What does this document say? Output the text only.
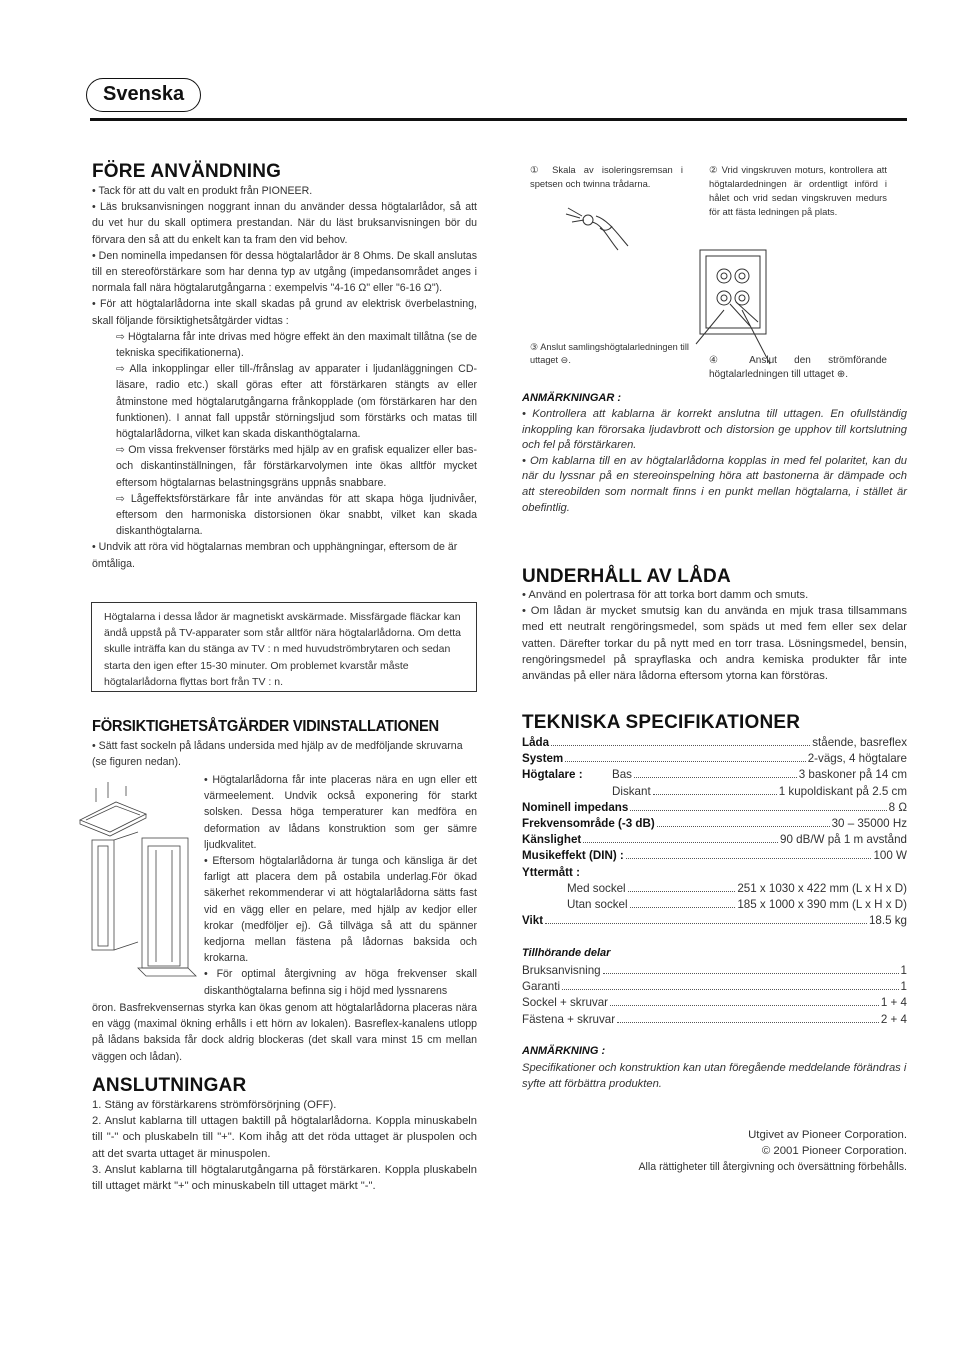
Svenska
FÖRE ANVÄNDNING

• Tack för att du valt en produkt från PIONEER.

• Läs bruksanvisningen noggrant innan du använder dessa högtalarlådor, så att du vet hur du skall optimera prestandan. När du läst bruksanvisningen bör du förvara den så att du enkelt kan ta fram den vid behov.

• Den nominella impedansen för dessa högtalarlådor är 8 Ohms. De skall anslutas till en stereoförstärkare som har denna typ av utgång (impedansområdet anges i normala fall nära högtalarutgångarna : exempelvis "4-16 Ω" eller "6-16 Ω").

• För att högtalarlådorna inte skall skadas på grund av elektrisk överbelastning, skall följande försiktighetsåtgärder vidtas :

⇨ Högtalarna får inte drivas med högre effekt än den maximalt tillåtna (se de tekniska specifikationerna).

⇨ Alla inkopplingar eller till-/frånslag av apparater i ljudanläggningen CD-läsare, radio etc.) skall göras efter att förstärkaren stängts av eller åtminstone med högtalarutgångarna frånkopplade (om förstärkaren har den funktionen). I annat fall uppstår störningsljud som förstärks och matas till högtalarlådorna, vilket kan skada diskanthögtalarna.

⇨ Om vissa frekvenser förstärks med hjälp av en grafisk equalizer eller bas- och diskantinställningen, får förstärkarvolymen inte ökas alltför mycket eftersom högtalarnas belastningsgräns uppnås snabbare.

⇨ Lågeffektsförstärkare får inte användas för att skapa höga ljudnivåer, eftersom den harmoniska distorsionen ökar snabbt, vilket kan skada diskanthögtalarna.

• Undvik att röra vid högtalarnas membran och upphängningar, eftersom de är ömtåliga.

Högtalarna i dessa lådor är magnetiskt avskärmade. Missfärgade fläckar kan ändå uppstå på TV-apparater som står alltför nära högtalarlådorna. Om detta skulle inträffa kan du stänga av TV : n med huvudströmbrytaren och sedan starta den igen efter 15-30 minuter. Om problemet kvarstår måste högtalarlådorna flyttas bort från TV : n.
FÖRSIKTIGHETSÅTGÄRDER VIDINSTALLATIONEN
• Sätt fast sockeln på lådans undersida med hjälp av de medföljande skruvarna (se figuren nedan).

• Högtalarlådorna får inte placeras nära en ugn eller ett värmeelement. Undvik också exponering för starkt solsken. Dessa höga temperaturer kan medföra en deformation av lådans konstruktion som ger sämre ljudkvalitet.

• Eftersom högtalarlådorna är tunga och känsliga är det farligt att placera dem på ostabila underlag.För ökad säkerhet rekommenderar vi att högtalarlådorna sätts fast vid en vägg eller en pelare, med hjälp av kedjor eller krokar (medföljer ej). Gå tillväga så att du spänner kedjorna mellan fästena på lådornas baksida och krokarna.

• För optimal återgivning av höga frekvenser skall diskanthögtalarna befinna sig i höjd med lyssnarens

öron. Basfrekvensernas styrka kan ökas genom att högtalarlådorna placeras nära en vägg (maximal ökning erhålls i ett hörn av lokalen). Basreflex-kanalens utlopp på lådans baksida får dock aldrig blockeras (det skall vara minst 15 cm mellan väggen och lådan).
ANSLUTNINGAR

1. Stäng av förstärkarens strömförsörjning (OFF).

2. Anslut kablarna till uttagen baktill på högtalarlådorna. Koppla minuskabeln till "-" och pluskabeln till "+". Kom ihåg att det röda uttaget är pluspolen och att det svarta uttaget är minuspolen.

3. Anslut kablarna till högtalarutgångarna på förstärkaren. Koppla pluskabeln till uttaget märkt "+" och minuskabeln till uttaget märkt "-".

① Skala av isoleringsremsan i spetsen och twinna trådarna.
② Vrid vingskruven moturs, kontrollera att högtalardedningen är ordentligt införd i hålet och vrid sedan vingskruven medurs för att fästa ledningen på plats.
③ Anslut samlingshögtalarledningen till uttaget ⊖.	④ Anslut den strömförande högtalarledningen till uttaget ⊕.
ANMÄRKNINGAR :

• Kontrollera att kablarna är korrekt anslutna till uttagen. En ofullständig inkoppling kan förorsaka ljudavbrott och distorsion ge upphov till kortslutning och fel på förstärkaren.

• Om kablarna till en av högtalarlådorna kopplas in med fel polaritet, kan du när du lyssnar på en stereoinspelning höra att bastonerna är dämpade och att stereobilden som normalt finns i en punkt mellan högtalarna, i stället är obefintlig.

UNDERHÅLL AV LÅDA

• Använd en polertrasa för att torka bort damm och smuts.

• Om lådan är mycket smutsig kan du använda en mjuk trasa tillsammans med ett neutralt rengöringsmedel, som späds ut med fem eller sex delar vatten. Därefter torkar du på nytt med en torr trasa. Lösningsmedel, bensin, rengöringsmedel på sprayflaska och andra kemiska produkter får inte användas på eller nära lådorna eftersom ytorna kan förstöras.

TEKNISKA SPECIFIKATIONER
Låda	stående, basreflex
System	2-vägs, 4 högtalare
Högtalare :	Bas	3 baskoner på 14 cm
Diskant	1 kupoldiskant på 2.5 cm
Nominell impedans	8 Ω
Frekvensområde (-3 dB)	30 – 35000 Hz
Känslighet	90 dB/W på 1 m avstånd
Musikeffekt (DIN) :	100 W
Yttermått :
Med sockel	251 x 1030 x 422 mm (L x H x D)
Utan sockel	185 x 1000 x 390 mm (L x H x D)
Vikt	18.5 kg
Tillhörande delar
Bruksanvisning	1
Garanti	1
Sockel + skruvar	1 + 4
Fästena + skruvar	2 + 4
ANMÄRKNING :
Specifikationer och konstruktion kan utan föregående meddelande förändras i syfte att förbättra produkten.
Utgivet av Pioneer Corporation.
© 2001 Pioneer Corporation.
Alla rättigheter till återgivning och översättning förbehålls.
